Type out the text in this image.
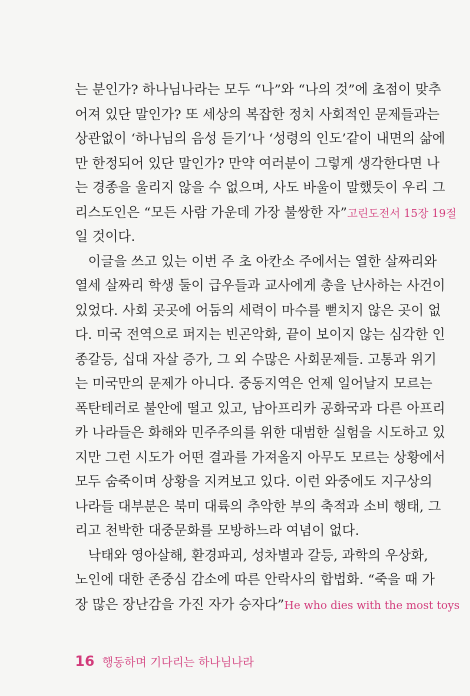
는 분인가? 하나님나라는 모두 “나”와 “나의 것”에 초점이 맞추
어져 있단 말인가? 또 세상의 복잡한 정치 사회적인 문제들과는
상관없이 ‘하나님의 음성 듣기’나 ‘성령의 인도’같이 내면의 삶에
만 한정되어 있단 말인가? 만약 여러분이 그렇게 생각한다면 나
는 경종을 울리지 않을 수 없으며, 사도 바울이 말했듯이 우리 그
리스도인은 “모든 사람 가운데 가장 불쌍한 자”고린도전서 15장 19절
일 것이다.
이글을 쓰고 있는 이번 주 초 아칸소 주에서는 열한 살짜리와
열세 살짜리 학생 둘이 급우들과 교사에게 총을 난사하는 사건이
있었다. 사회 곳곳에 어둠의 세력이 마수를 뻗치지 않은 곳이 없
다. 미국 전역으로 퍼지는 빈곤악화, 끝이 보이지 않는 심각한 인
종갈등, 십대 자살 증가, 그 외 수많은 사회문제들. 고통과 위기
는 미국만의 문제가 아니다. 중동지역은 언제 일어날지 모르는
폭탄테러로 불안에 떨고 있고, 남아프리카 공화국과 다른 아프리
카 나라들은 화해와 민주주의를 위한 대범한 실험을 시도하고 있
지만 그런 시도가 어떤 결과를 가져올지 아무도 모르는 상황에서
모두 숨죽이며 상황을 지켜보고 있다. 이런 와중에도 지구상의
나라들 대부분은 북미 대륙의 추악한 부의 축적과 소비 행태, 그
리고 천박한 대중문화를 모방하느라 여념이 없다.
낙태와 영아살해, 환경파괴, 성차별과 갈등, 과학의 우상화,
노인에 대한 존중심 감소에 따른 안락사의 합법화. “죽을 때 가
장 많은 장난감을 가진 자가 승자다”He who dies with the most toys
16 행동하며 기다리는 하나님나라
